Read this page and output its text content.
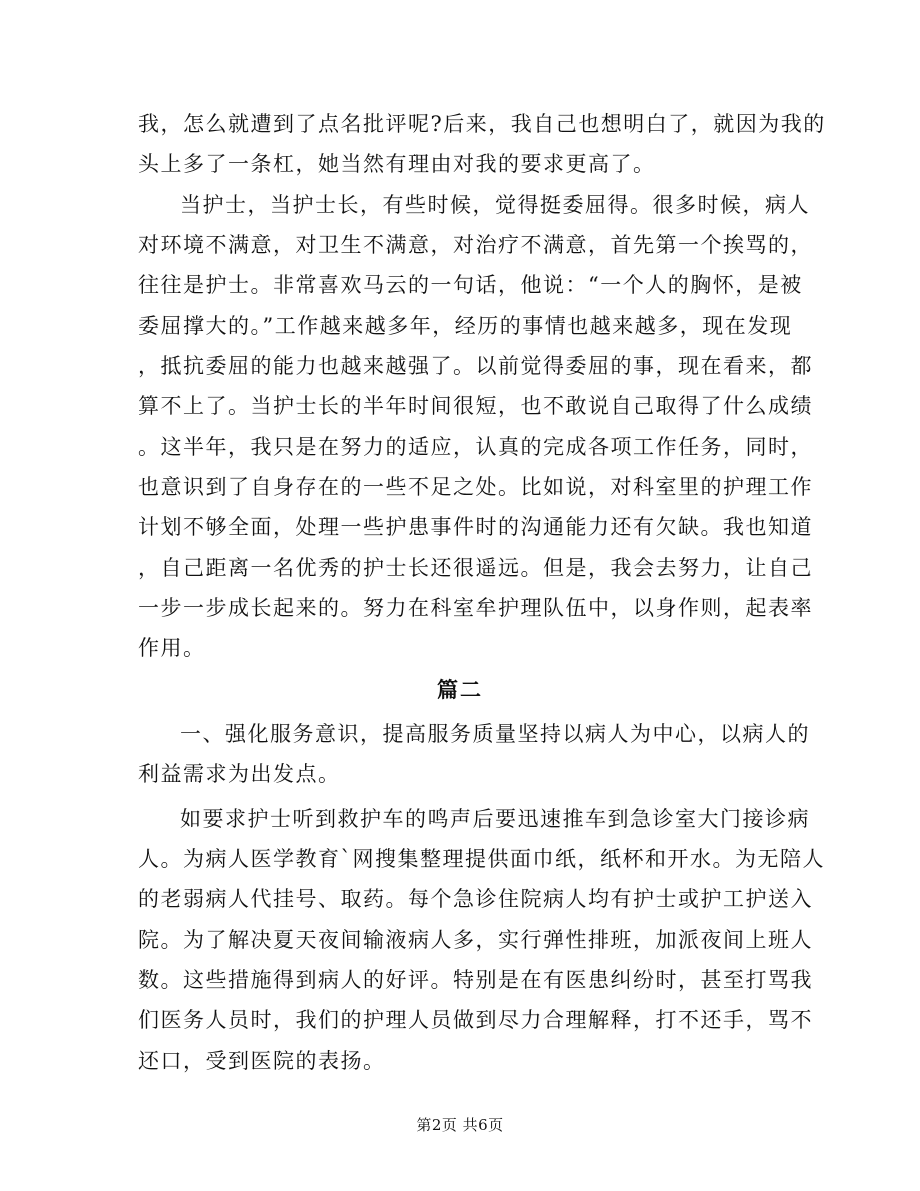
我，怎么就遭到了点名批评呢?后来，我自己也想明白了，就因为我的
头上多了一条杠，她当然有理由对我的要求更高了。
当护士，当护士长，有些时候，觉得挺委屈得。很多时候，病人
对环境不满意，对卫生不满意，对治疗不满意，首先第一个挨骂的，
往往是护士。非常喜欢马云的一句话，他说：“一个人的胸怀，是被
委屈撑大的。”工作越来越多年，经历的事情也越来越多，现在发现
，抵抗委屈的能力也越来越强了。以前觉得委屈的事，现在看来，都
算不上了。当护士长的半年时间很短，也不敢说自己取得了什么成绩
。这半年，我只是在努力的适应，认真的完成各项工作任务，同时，
也意识到了自身存在的一些不足之处。比如说，对科室里的护理工作
计划不够全面，处理一些护患事件时的沟通能力还有欠缺。我也知道
，自己距离一名优秀的护士长还很遥远。但是，我会去努力，让自己
一步一步成长起来的。努力在科室牟护理队伍中，以身作则，起表率
作用。
篇二
一、强化服务意识，提高服务质量坚持以病人为中心，以病人的
利益需求为出发点。
如要求护士听到救护车的鸣声后要迅速推车到急诊室大门接诊病
人。为病人医学教育`网搜集整理提供面巾纸，纸杯和开水。为无陪人
的老弱病人代挂号、取药。每个急诊住院病人均有护士或护工护送入
院。为了解决夏天夜间输液病人多，实行弹性排班，加派夜间上班人
数。这些措施得到病人的好评。特别是在有医患纠纷时，甚至打骂我
们医务人员时，我们的护理人员做到尽力合理解释，打不还手，骂不
还口，受到医院的表扬。
第2页 共6页
